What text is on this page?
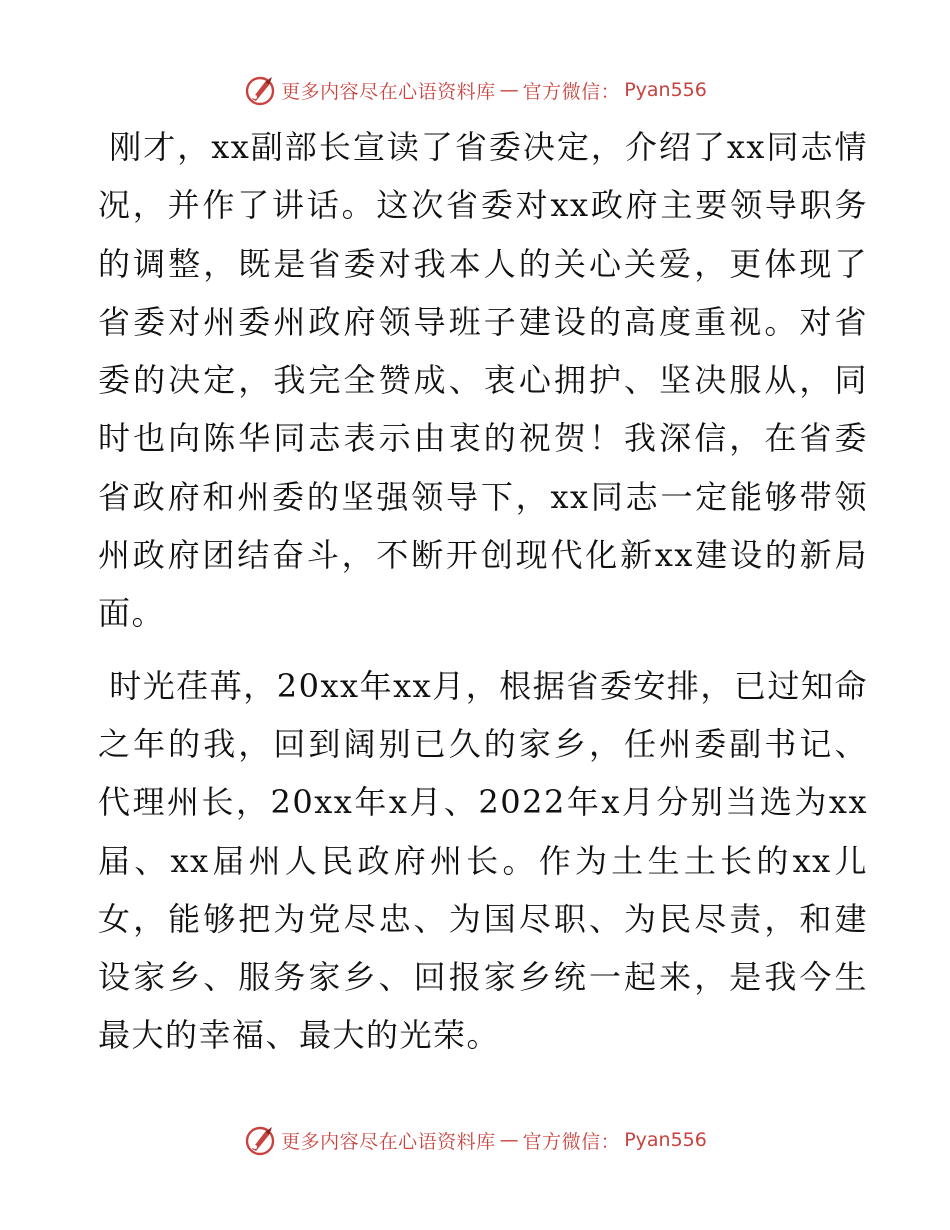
更多内容尽在心语资料库 — 官方微信： Pyan556

刚才，xx副部长宣读了省委决定，介绍了xx同志情况，并作了讲话。这次省委对xx政府主要领导职务的调整，既是省委对我本人的关心关爱，更体现了省委对州委州政府领导班子建设的高度重视。对省委的决定，我完全赞成、衷心拥护、坚决服从，同时也向陈华同志表示由衷的祝贺！我深信，在省委省政府和州委的坚强领导下，xx同志一定能够带领州政府团结奋斗，不断开创现代化新xx建设的新局面。

时光荏苒，20xx年xx月，根据省委安排，已过知命之年的我，回到阔别已久的家乡，任州委副书记、代理州长，20xx年x月、2022年x月分别当选为xx届、xx届州人民政府州长。作为土生土长的xx儿女，能够把为党尽忠、为国尽职、为民尽责，和建设家乡、服务家乡、回报家乡统一起来，是我今生最大的幸福、最大的光荣。

更多内容尽在心语资料库 — 官方微信： Pyan556
